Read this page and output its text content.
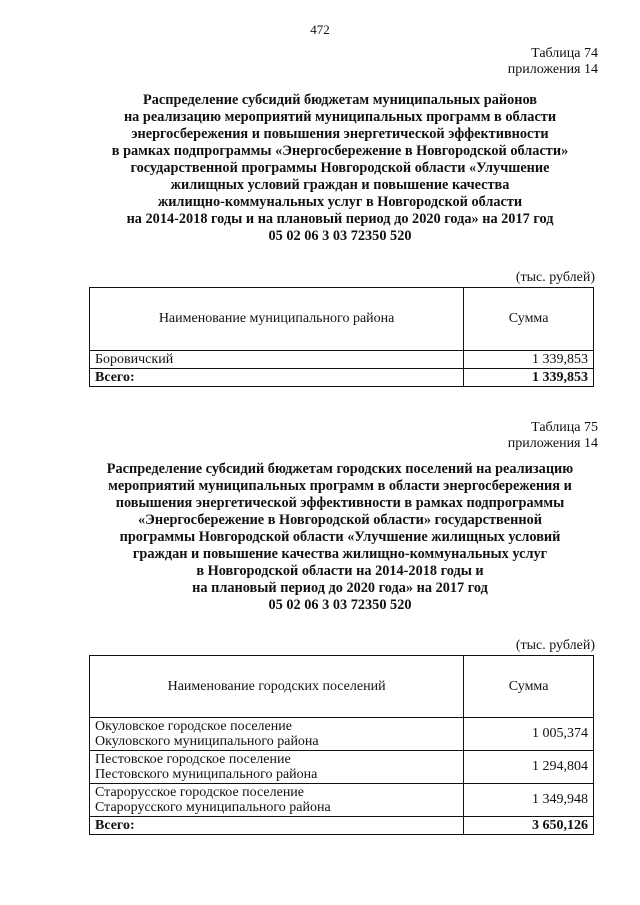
472
Таблица 74
приложения 14
Распределение субсидий бюджетам муниципальных районов
на реализацию мероприятий муниципальных программ в области
энергосбережения и повышения энергетической эффективности
в рамках подпрограммы «Энергосбережение в Новгородской области»
государственной программы Новгородской области «Улучшение
жилищных условий граждан и повышение качества
жилищно-коммунальных услуг в Новгородской области
на 2014-2018 годы и на плановый период до 2020 года» на 2017 год
05 02 06 3 03 72350 520
(тыс. рублей)
Наименование муниципального района	Сумма
Боровичский	1 339,853
Всего:	1 339,853
Таблица 75
приложения 14
Распределение субсидий бюджетам городских поселений на реализацию
мероприятий муниципальных программ в области энергосбережения и
повышения энергетической эффективности в рамках подпрограммы
«Энергосбережение в Новгородской области» государственной
программы Новгородской области «Улучшение жилищных условий
граждан и повышение качества жилищно-коммунальных услуг
в Новгородской области на 2014-2018 годы и
на плановый период до 2020 года» на 2017 год
05 02 06 3 03 72350 520
(тыс. рублей)
Наименование городских поселений	Сумма

Окуловское городское поселение
Окуловского муниципального района	1 005,374

Пестовское городское поселение
Пестовского муниципального района	1 294,804

Старорусское городское поселение
Старорусского муниципального района	1 349,948
Всего:	3 650,126
